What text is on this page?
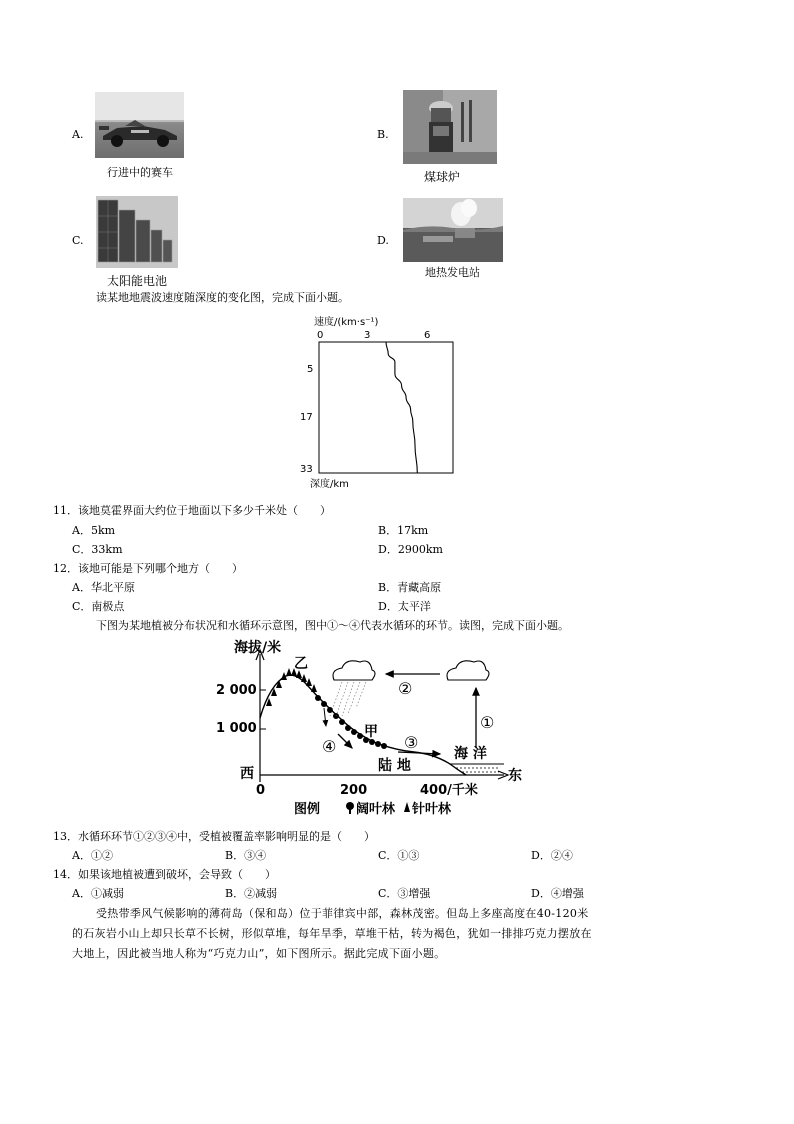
A.
行进中的赛车
B.
煤球炉
C.
太阳能电池
D.
地热发电站
读某地地震波速度随深度的变化图，完成下面小题。
速度/(km·s⁻¹)
0	3	6
5
17
33
深度/km
11．该地莫霍界面大约位于地面以下多少千米处（　　）
A．5km	B．17km
C．33km	D．2900km
12．该地可能是下列哪个地方（　　）
A．华北平原	B．青藏高原
C．南极点	D．太平洋
下图为某地植被分布状况和水循环示意图，图中①～④代表水循环的环节。读图，完成下面小题。
海拔/米
2 000
1 000
西	东
0	200	400/千米
乙
甲
陆 地
海 洋
②
①
③
④
图例	阔叶林 针叶林
13．水循环环节①②③④中，受植被覆盖率影响明显的是（　　）
A．①②	B．③④	C．①③	D．②④
14．如果该地植被遭到破坏，会导致（　　）
A．①减弱	B．②减弱	C．③增强	D．④增强
受热带季风气候影响的薄荷岛（保和岛）位于菲律宾中部，森林茂密。但岛上多座高度在40-120米
的石灰岩小山上却只长草不长树，形似草堆，每年旱季，草堆干枯，转为褐色，犹如一排排巧克力摆放在
大地上，因此被当地人称为“巧克力山”，如下图所示。据此完成下面小题。
